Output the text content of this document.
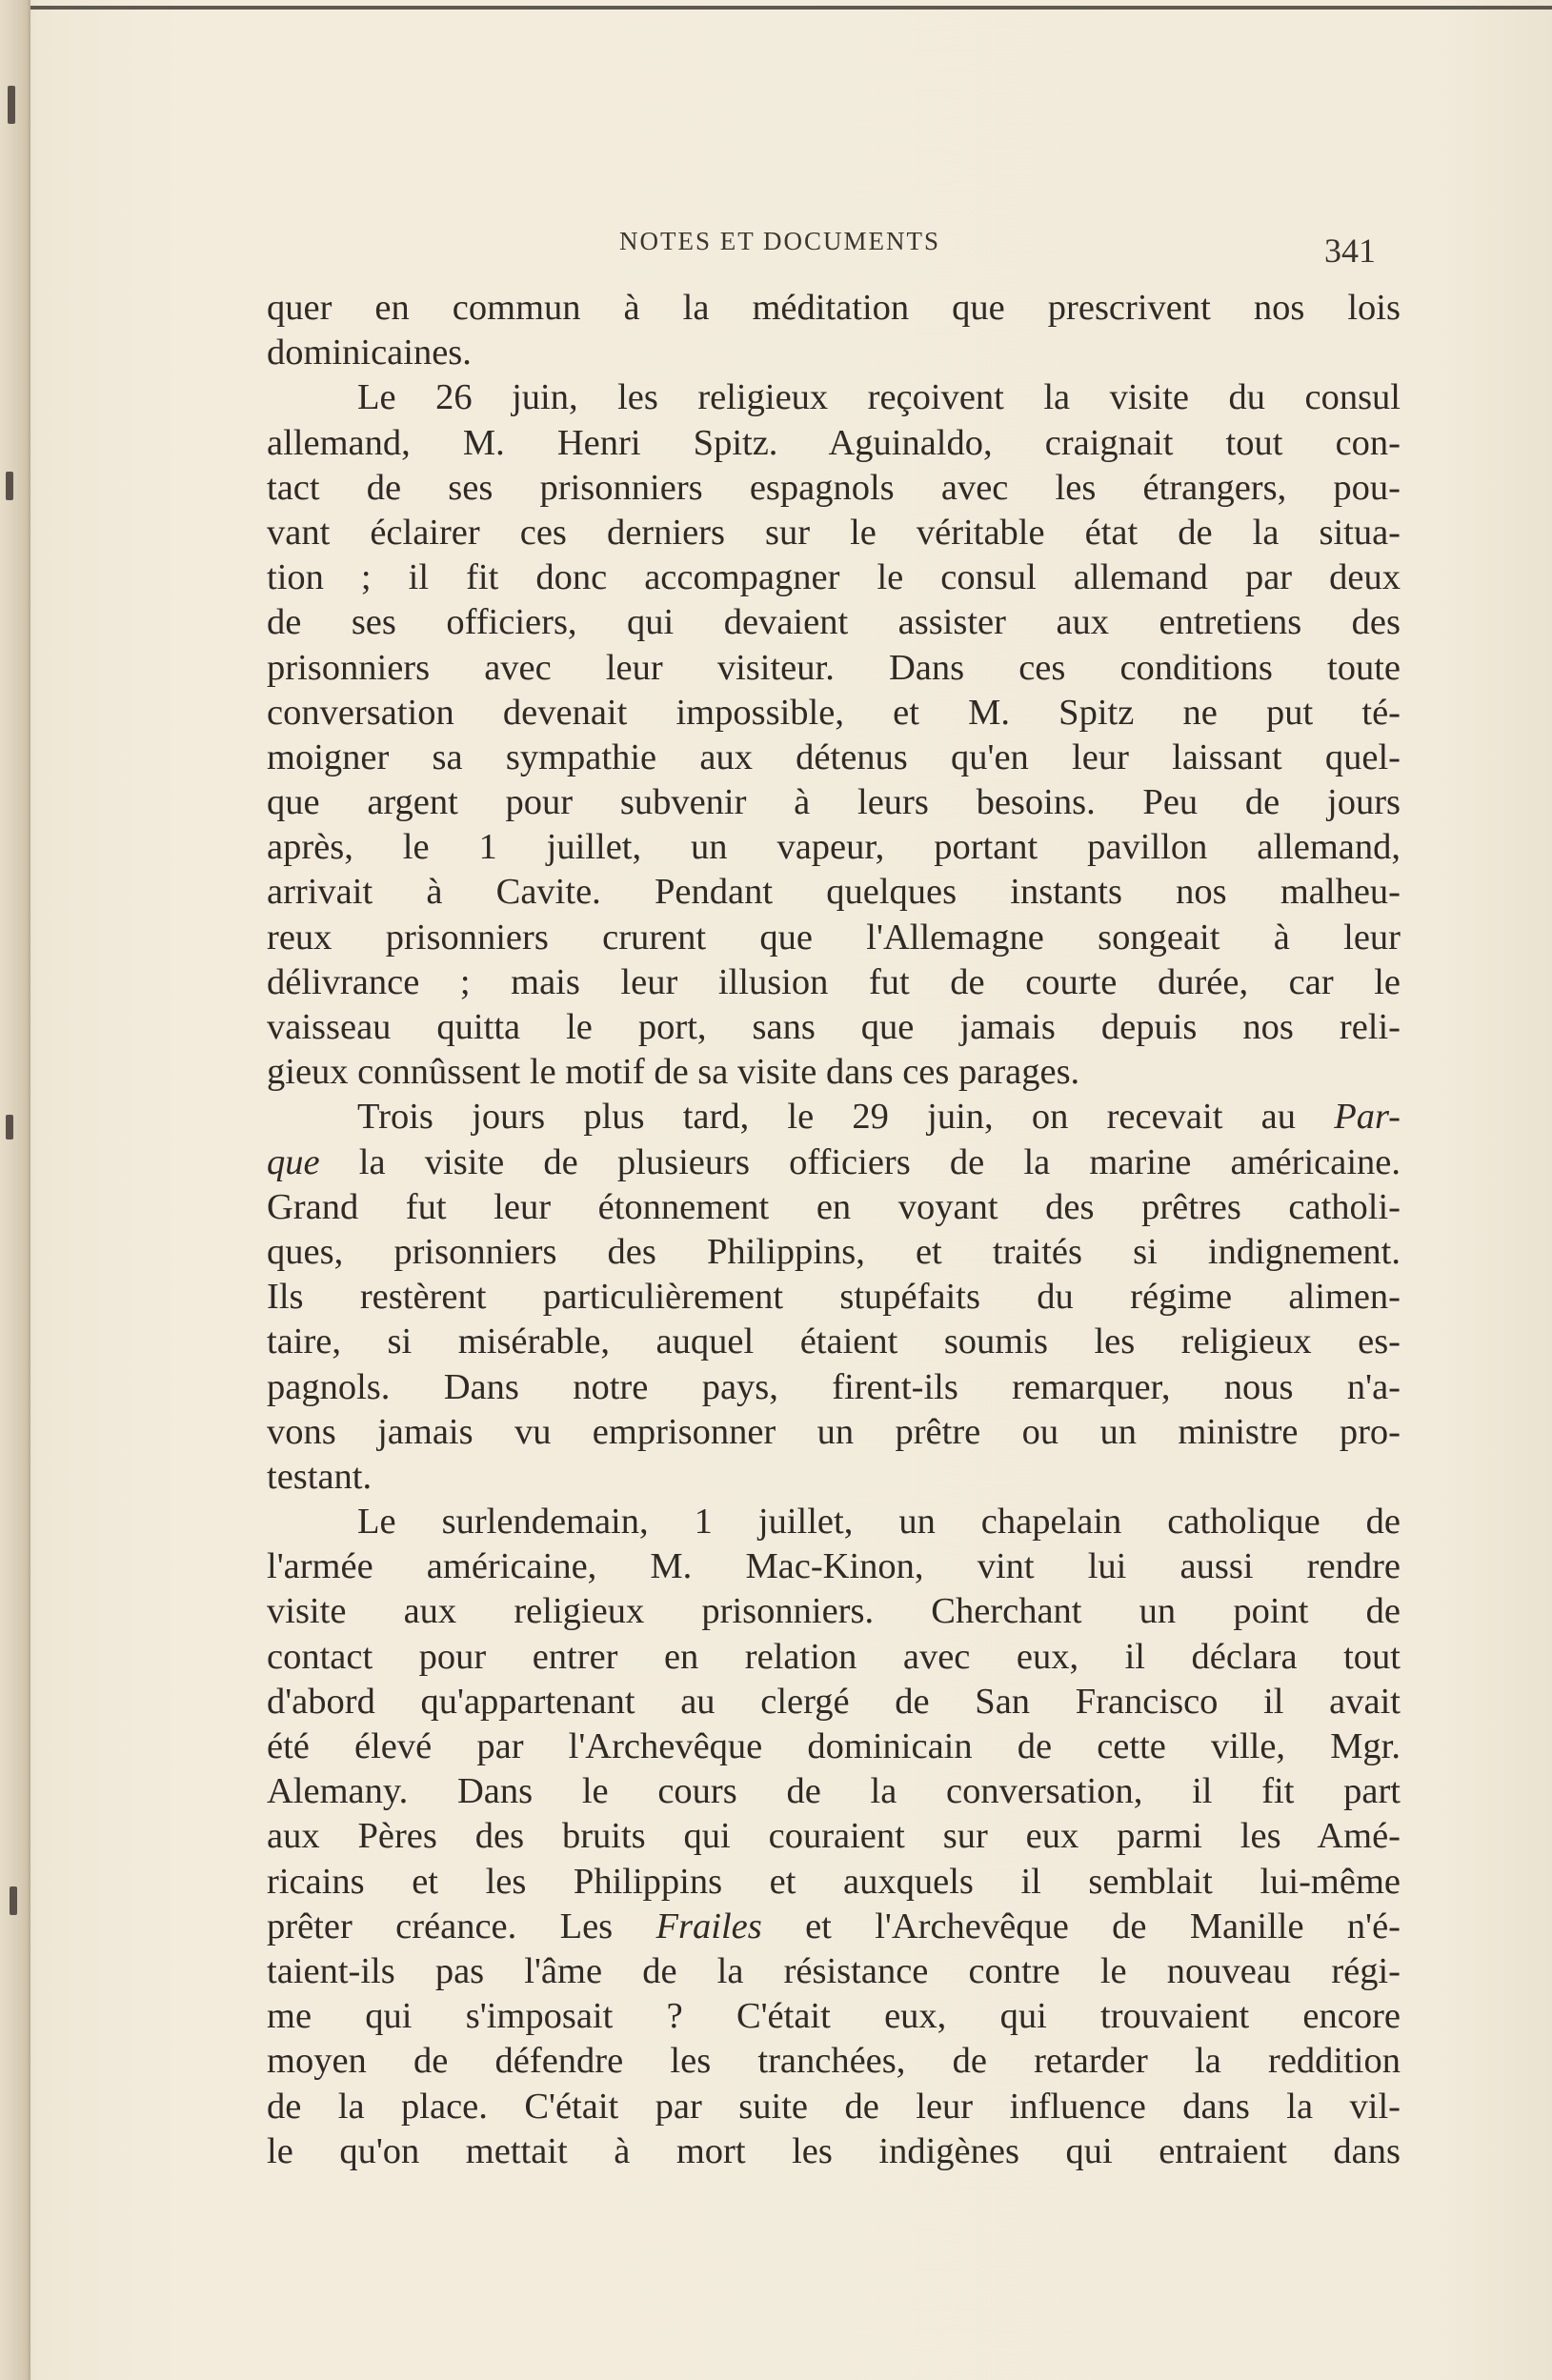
NOTES ET DOCUMENTS	341
quer en commun à la méditation que prescrivent nos lois
dominicaines.
Le 26 juin, les religieux reçoivent la visite du consul
allemand, M. Henri Spitz. Aguinaldo, craignait tout con-
tact de ses prisonniers espagnols avec les étrangers, pou-
vant éclairer ces derniers sur le véritable état de la situa-
tion ; il fit donc accompagner le consul allemand par deux
de ses officiers, qui devaient assister aux entretiens des
prisonniers avec leur visiteur. Dans ces conditions toute
conversation devenait impossible, et M. Spitz ne put té-
moigner sa sympathie aux détenus qu'en leur laissant quel-
que argent pour subvenir à leurs besoins. Peu de jours
après, le 1 juillet, un vapeur, portant pavillon allemand,
arrivait à Cavite. Pendant quelques instants nos malheu-
reux prisonniers crurent que l'Allemagne songeait à leur
délivrance ; mais leur illusion fut de courte durée, car le
vaisseau quitta le port, sans que jamais depuis nos reli-
gieux connûssent le motif de sa visite dans ces parages.
Trois jours plus tard, le 29 juin, on recevait au Par-
que la visite de plusieurs officiers de la marine américaine.
Grand fut leur étonnement en voyant des prêtres catholi-
ques, prisonniers des Philippins, et traités si indignement.
Ils restèrent particulièrement stupéfaits du régime alimen-
taire, si misérable, auquel étaient soumis les religieux es-
pagnols. Dans notre pays, firent-ils remarquer, nous n'a-
vons jamais vu emprisonner un prêtre ou un ministre pro-
testant.
Le surlendemain, 1 juillet, un chapelain catholique de
l'armée américaine, M. Mac-Kinon, vint lui aussi rendre
visite aux religieux prisonniers. Cherchant un point de
contact pour entrer en relation avec eux, il déclara tout
d'abord qu'appartenant au clergé de San Francisco il avait
été élevé par l'Archevêque dominicain de cette ville, Mgr.
Alemany. Dans le cours de la conversation, il fit part
aux Pères des bruits qui couraient sur eux parmi les Amé-
ricains et les Philippins et auxquels il semblait lui-même
prêter créance. Les Frailes et l'Archevêque de Manille n'é-
taient-ils pas l'âme de la résistance contre le nouveau régi-
me qui s'imposait ? C'était eux, qui trouvaient encore
moyen de défendre les tranchées, de retarder la reddition
de la place. C'était par suite de leur influence dans la vil-
le qu'on mettait à mort les indigènes qui entraient dans
